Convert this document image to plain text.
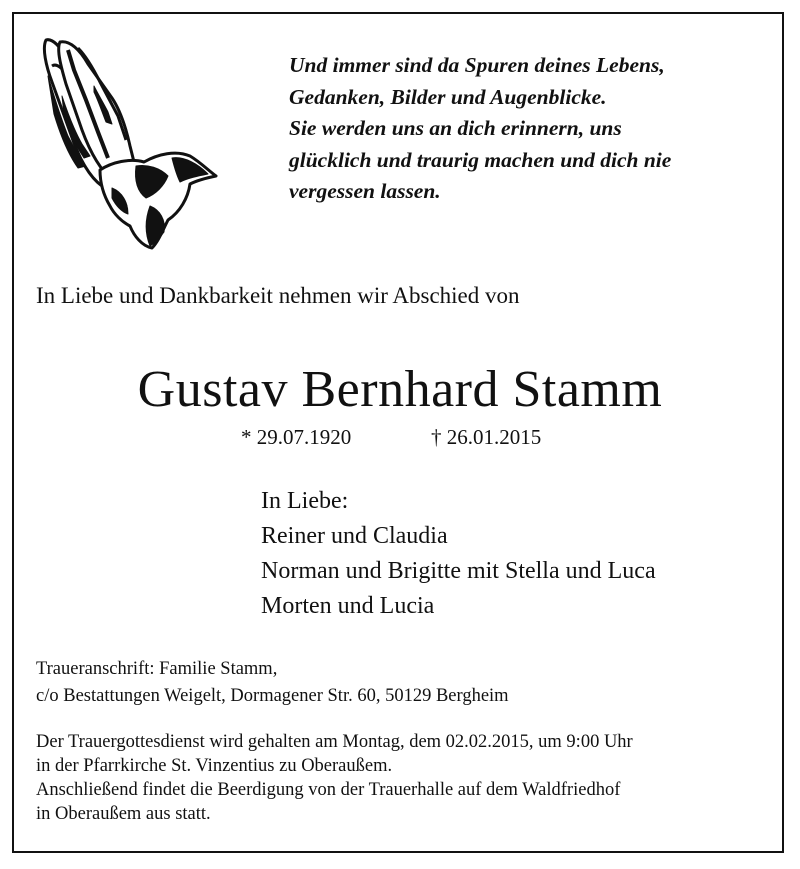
Und immer sind da Spuren deines Lebens,
Gedanken, Bilder und Augenblicke.
Sie werden uns an dich erinnern, uns
glücklich und traurig machen und dich nie
vergessen lassen.
In Liebe und Dankbarkeit nehmen wir Abschied von
Gustav Bernhard Stamm
* 29.07.1920	† 26.01.2015
In Liebe:
Reiner und Claudia
Norman und Brigitte mit Stella und Luca
Morten und Lucia
Traueranschrift: Familie Stamm,
c/o Bestattungen Weigelt, Dormagener Str. 60, 50129 Bergheim
Der Trauergottesdienst wird gehalten am Montag, dem 02.02.2015, um 9:00 Uhr
in der Pfarrkirche St. Vinzentius zu Oberaußem.
Anschließend findet die Beerdigung von der Trauerhalle auf dem Waldfriedhof
in Oberaußem aus statt.
